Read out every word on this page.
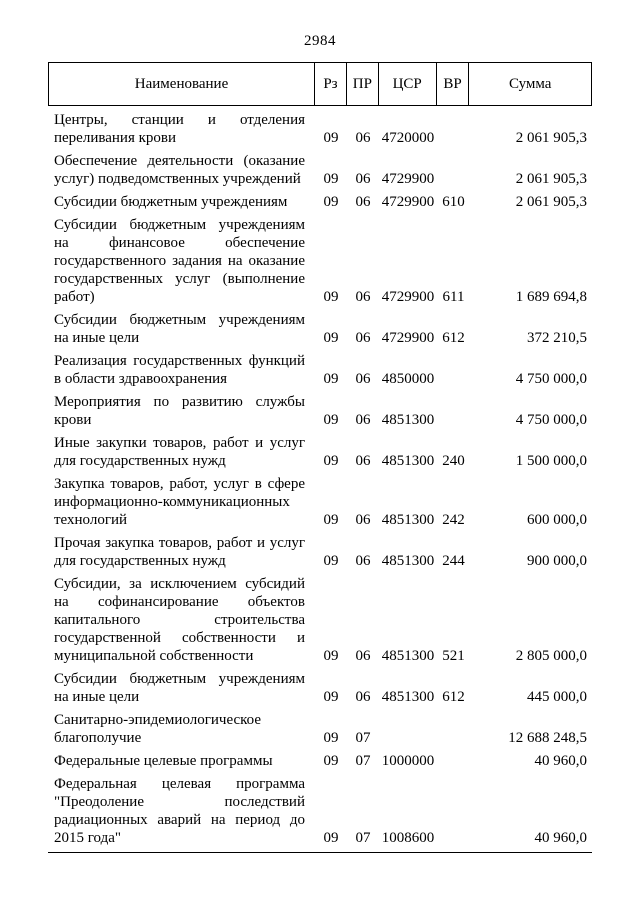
2984
Наименование	Рз	ПР	ЦСР	ВР	Сумма
Центры, станции и отделения переливания крови	09	06 4720000	2 061 905,3
Обеспечение деятельности (оказание услуг) подведомственных учреждений	09	06 4729900	2 061 905,3
Субсидии бюджетным учреждениям	09	06 4729900 610	2 061 905,3
Субсидии бюджетным учреждениям на финансовое обеспечение государственного задания на оказание государственных услуг (выполнение работ)	09	06 4729900 611	1 689 694,8
Субсидии бюджетным учреждениям на иные цели	09	06 4729900 612	372 210,5
Реализация государственных функций в области здравоохранения	09	06 4850000	4 750 000,0
Мероприятия по развитию службы крови	09	06 4851300	4 750 000,0
Иные закупки товаров, работ и услуг для государственных нужд	09	06 4851300 240	1 500 000,0
Закупка товаров, работ, услуг в сфере информационно-коммуникационных технологий	09	06 4851300 242	600 000,0
Прочая закупка товаров, работ и услуг для государственных нужд	09	06 4851300 244	900 000,0
Субсидии, за исключением субсидий на софинансирование объектов капитального строительства государственной собственности и муниципальной собственности	09	06 4851300 521	2 805 000,0
Субсидии бюджетным учреждениям на иные цели	09	06 4851300 612	445 000,0
Санитарно-эпидемиологическое благополучие	09	07	12 688 248,5
Федеральные целевые программы	09	07 1000000	40 960,0
Федеральная целевая программа "Преодоление последствий радиационных аварий на период до 2015 года"	09	07 1008600	40 960,0
